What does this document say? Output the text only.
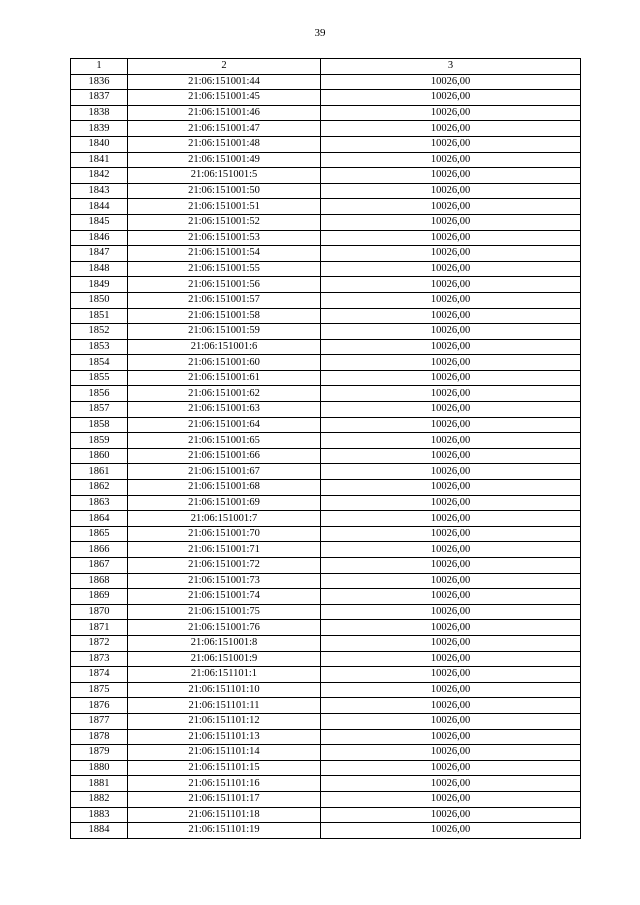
39
1	2	3
1836	21:06:151001:44	10026,00
1837	21:06:151001:45	10026,00
1838	21:06:151001:46	10026,00
1839	21:06:151001:47	10026,00
1840	21:06:151001:48	10026,00
1841	21:06:151001:49	10026,00
1842	21:06:151001:5	10026,00
1843	21:06:151001:50	10026,00
1844	21:06:151001:51	10026,00
1845	21:06:151001:52	10026,00
1846	21:06:151001:53	10026,00
1847	21:06:151001:54	10026,00
1848	21:06:151001:55	10026,00
1849	21:06:151001:56	10026,00
1850	21:06:151001:57	10026,00
1851	21:06:151001:58	10026,00
1852	21:06:151001:59	10026,00
1853	21:06:151001:6	10026,00
1854	21:06:151001:60	10026,00
1855	21:06:151001:61	10026,00
1856	21:06:151001:62	10026,00
1857	21:06:151001:63	10026,00
1858	21:06:151001:64	10026,00
1859	21:06:151001:65	10026,00
1860	21:06:151001:66	10026,00
1861	21:06:151001:67	10026,00
1862	21:06:151001:68	10026,00
1863	21:06:151001:69	10026,00
1864	21:06:151001:7	10026,00
1865	21:06:151001:70	10026,00
1866	21:06:151001:71	10026,00
1867	21:06:151001:72	10026,00
1868	21:06:151001:73	10026,00
1869	21:06:151001:74	10026,00
1870	21:06:151001:75	10026,00
1871	21:06:151001:76	10026,00
1872	21:06:151001:8	10026,00
1873	21:06:151001:9	10026,00
1874	21:06:151101:1	10026,00
1875	21:06:151101:10	10026,00
1876	21:06:151101:11	10026,00
1877	21:06:151101:12	10026,00
1878	21:06:151101:13	10026,00
1879	21:06:151101:14	10026,00
1880	21:06:151101:15	10026,00
1881	21:06:151101:16	10026,00
1882	21:06:151101:17	10026,00
1883	21:06:151101:18	10026,00
1884	21:06:151101:19	10026,00
